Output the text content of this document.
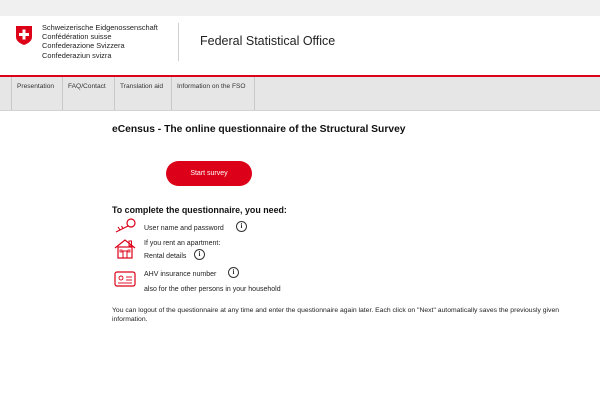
Schweizerische Eidgenossenschaft
Confédération suisse
Confederazione Svizzera
Confederaziun svizra
Federal Statistical Office
Presentation	FAQ/Contact	Translation aid	Information on the FSO
eCensus - The online questionnaire of the Structural Survey
Start survey
To complete the questionnaire, you need:
User name and password	i
If you rent an apartment:
Rental details	i
AHV insurance number	i
also for the other persons in your household
You can logout of the questionnaire at any time and enter the questionnaire again later. Each click on "Next" automatically saves the previously given information.
